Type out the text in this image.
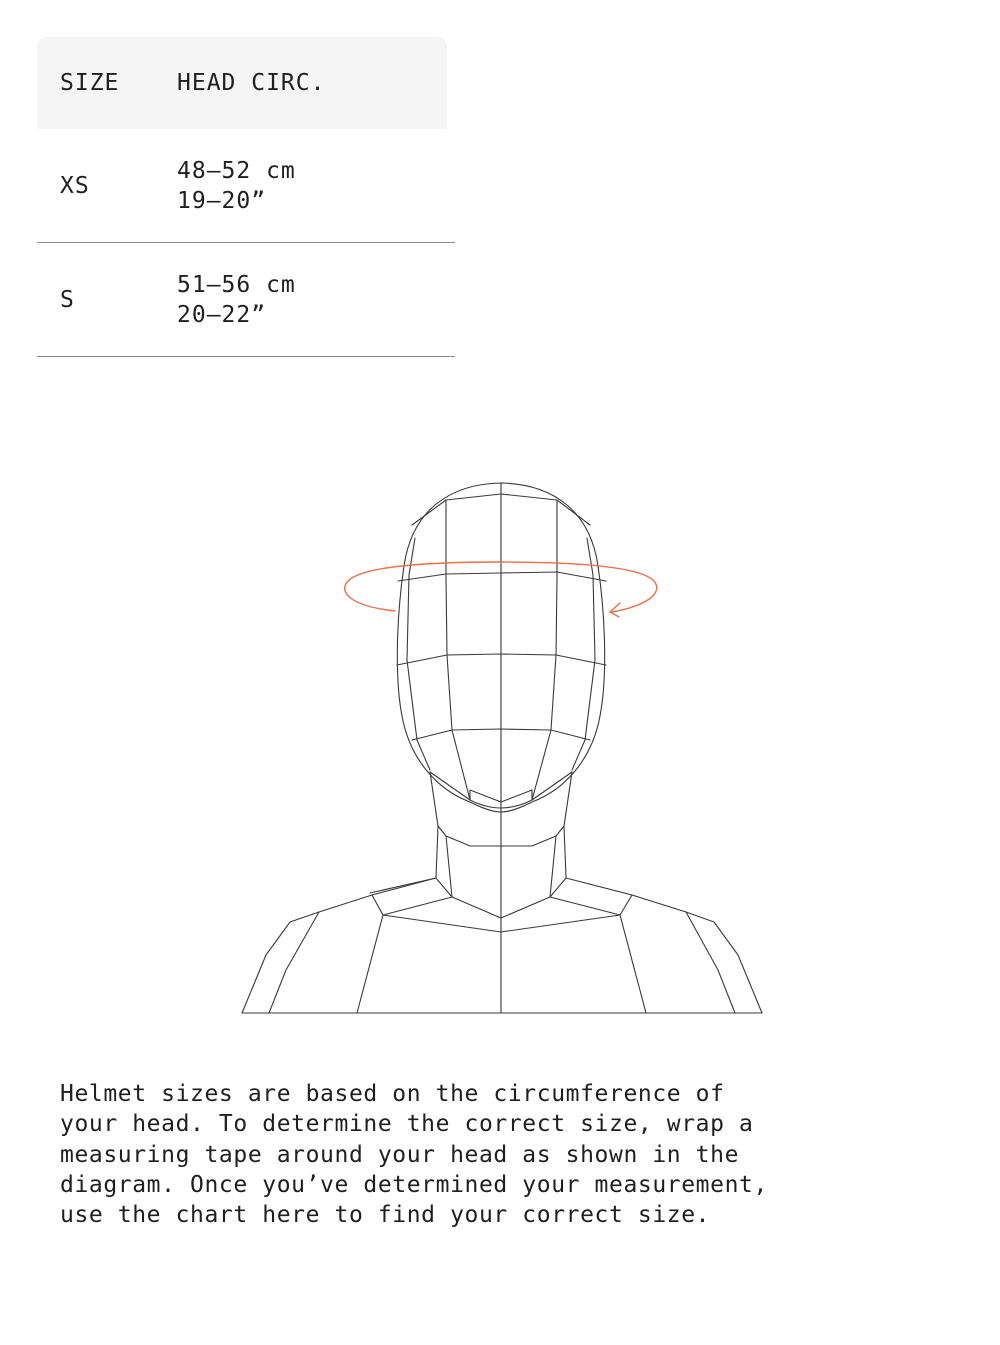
SIZE	HEAD CIRC.
XS
48–52 cm
19–20”
S
51–56 cm
20–22”

Helmet sizes are based on the circumference of
your head. To determine the correct size, wrap a
measuring tape around your head as shown in the
diagram. Once you’ve determined your measurement,
use the chart here to find your correct size.
